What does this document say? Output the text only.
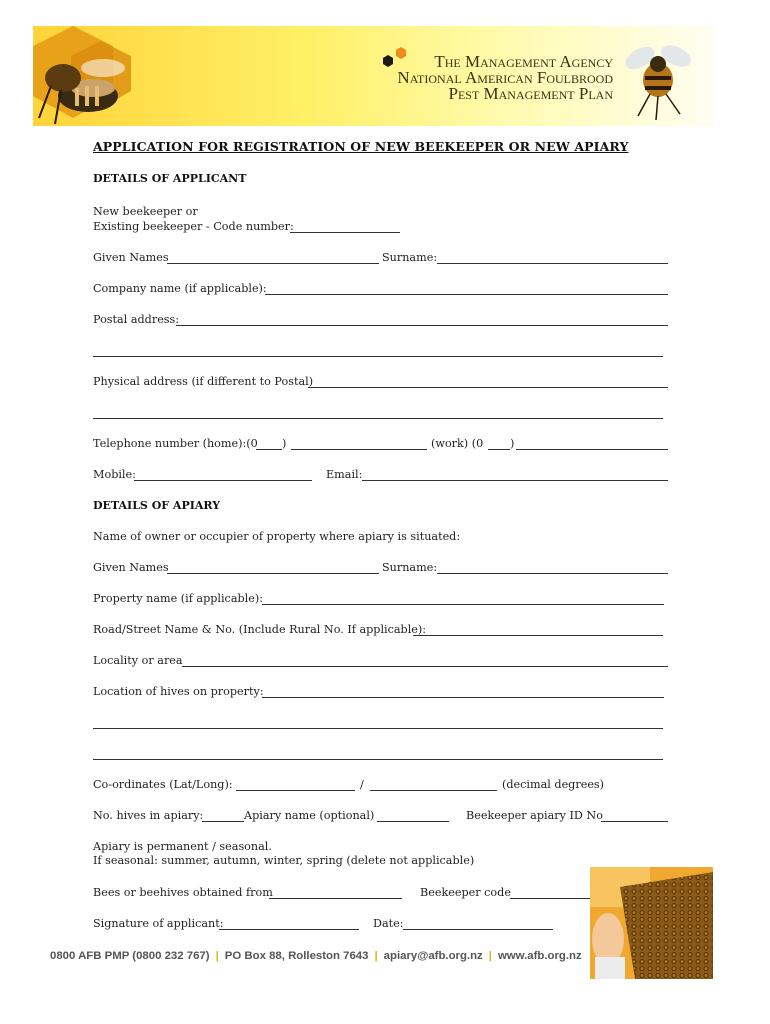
The Management Agency
National American Foulbrood
Pest Management Plan
APPLICATION FOR REGISTRATION OF NEW BEEKEEPER OR NEW APIARY
DETAILS OF APPLICANT
New beekeeper or
Existing beekeeper - Code number:
Given Names	Surname:
Company name (if applicable):
Postal address:
Physical address (if different to Postal)
Telephone number (home):(0 )	(work) (0 )
Mobile:	Email:
DETAILS OF APIARY
Name of owner or occupier of property where apiary is situated:
Given Names	Surname:
Property name (if applicable):
Road/Street Name & No. (Include Rural No. If applicable):
Locality or area
Location of hives on property:
Co-ordinates (Lat/Long):	/	(decimal degrees)
No. hives in apiary:	Apiary name (optional)	Beekeeper apiary ID No
Apiary is permanent / seasonal.
If seasonal: summer, autumn, winter, spring (delete not applicable)
Bees or beehives obtained from	Beekeeper code
Signature of applicant:	Date:
0800 AFB PMP (0800 232 767) | PO Box 88, Rolleston 7643 | apiary@afb.org.nz | www.afb.org.nz
